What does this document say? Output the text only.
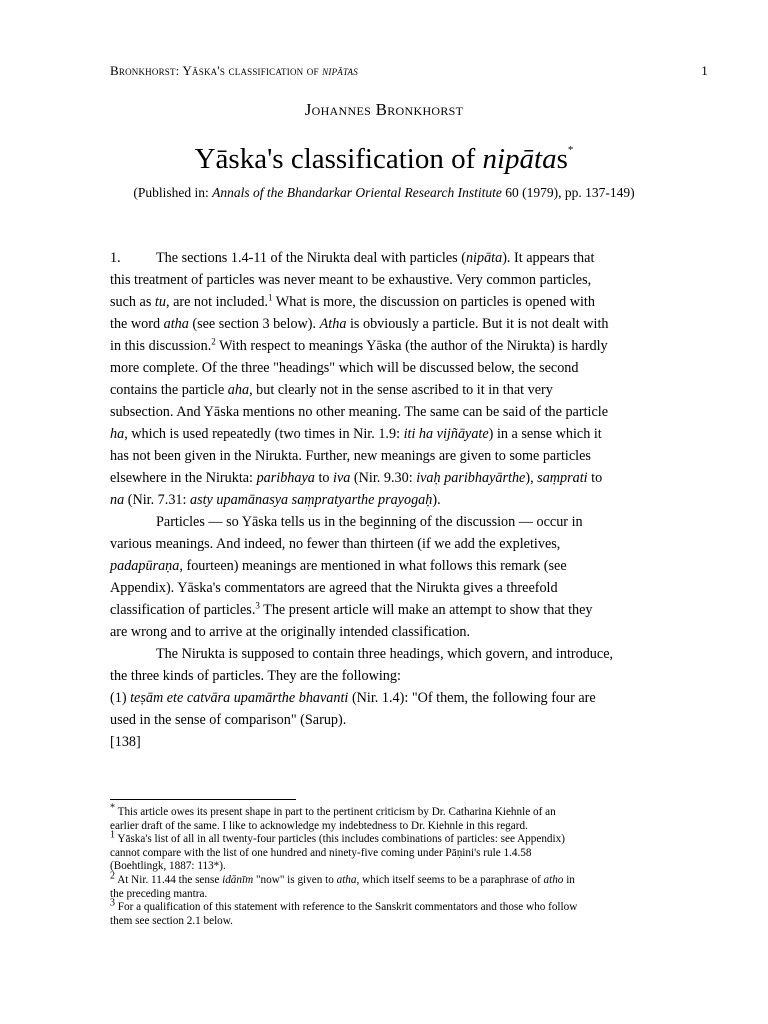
Bronkhorst: Yāska's classification of nipātas	1
Johannes Bronkhorst
Yāska's classification of nipātas*
(Published in: Annals of the Bhandarkar Oriental Research Institute 60 (1979), pp. 137-149)
1. The sections 1.4-11 of the Nirukta deal with particles (nipāta). It appears that
this treatment of particles was never meant to be exhaustive. Very common particles,
such as tu, are not included.$^1$ What is more, the discussion on particles is opened with
the word atha (see section 3 below). Atha is obviously a particle. But it is not dealt with
in this discussion.$^2$ With respect to meanings Yāska (the author of the Nirukta) is hardly
more complete. Of the three "headings" which will be discussed below, the second
contains the particle aha, but clearly not in the sense ascribed to it in that very
subsection. And Yāska mentions no other meaning. The same can be said of the particle
ha, which is used repeatedly (two times in Nir. 1.9: iti ha vijñāyate) in a sense which it
has not been given in the Nirukta. Further, new meanings are given to some particles
elsewhere in the Nirukta: paribhaya to iva (Nir. 9.30: ivaḥ paribhayārthe), saṃprati to
na (Nir. 7.31: asty upamānasya saṃpratyarthe prayogaḥ).
Particles — so Yāska tells us in the beginning of the discussion — occur in
various meanings. And indeed, no fewer than thirteen (if we add the expletives,
padapūraṇa, fourteen) meanings are mentioned in what follows this remark (see
Appendix). Yāska's commentators are agreed that the Nirukta gives a threefold
classification of particles.$^3$ The present article will make an attempt to show that they
are wrong and to arrive at the originally intended classification.
The Nirukta is supposed to contain three headings, which govern, and introduce,
the three kinds of particles. They are the following:
(1) teṣām ete catvāra upamārthe bhavanti (Nir. 1.4): "Of them, the following four are
used in the sense of comparison" (Sarup).
[138]
* This article owes its present shape in part to the pertinent criticism by Dr. Catharina Kiehnle of an
earlier draft of the same. I like to acknowledge my indebtedness to Dr. Kiehnle in this regard.
1 Yāska's list of all in all twenty-four particles (this includes combinations of particles: see Appendix)
cannot compare with the list of one hundred and ninety-five coming under Pāṇini's rule 1.4.58
(Boehtlingk, 1887: 113*).
2 At Nir. 11.44 the sense idānīm "now" is given to atha, which itself seems to be a paraphrase of atho in
the preceding mantra.
3 For a qualification of this statement with reference to the Sanskrit commentators and those who follow
them see section 2.1 below.
